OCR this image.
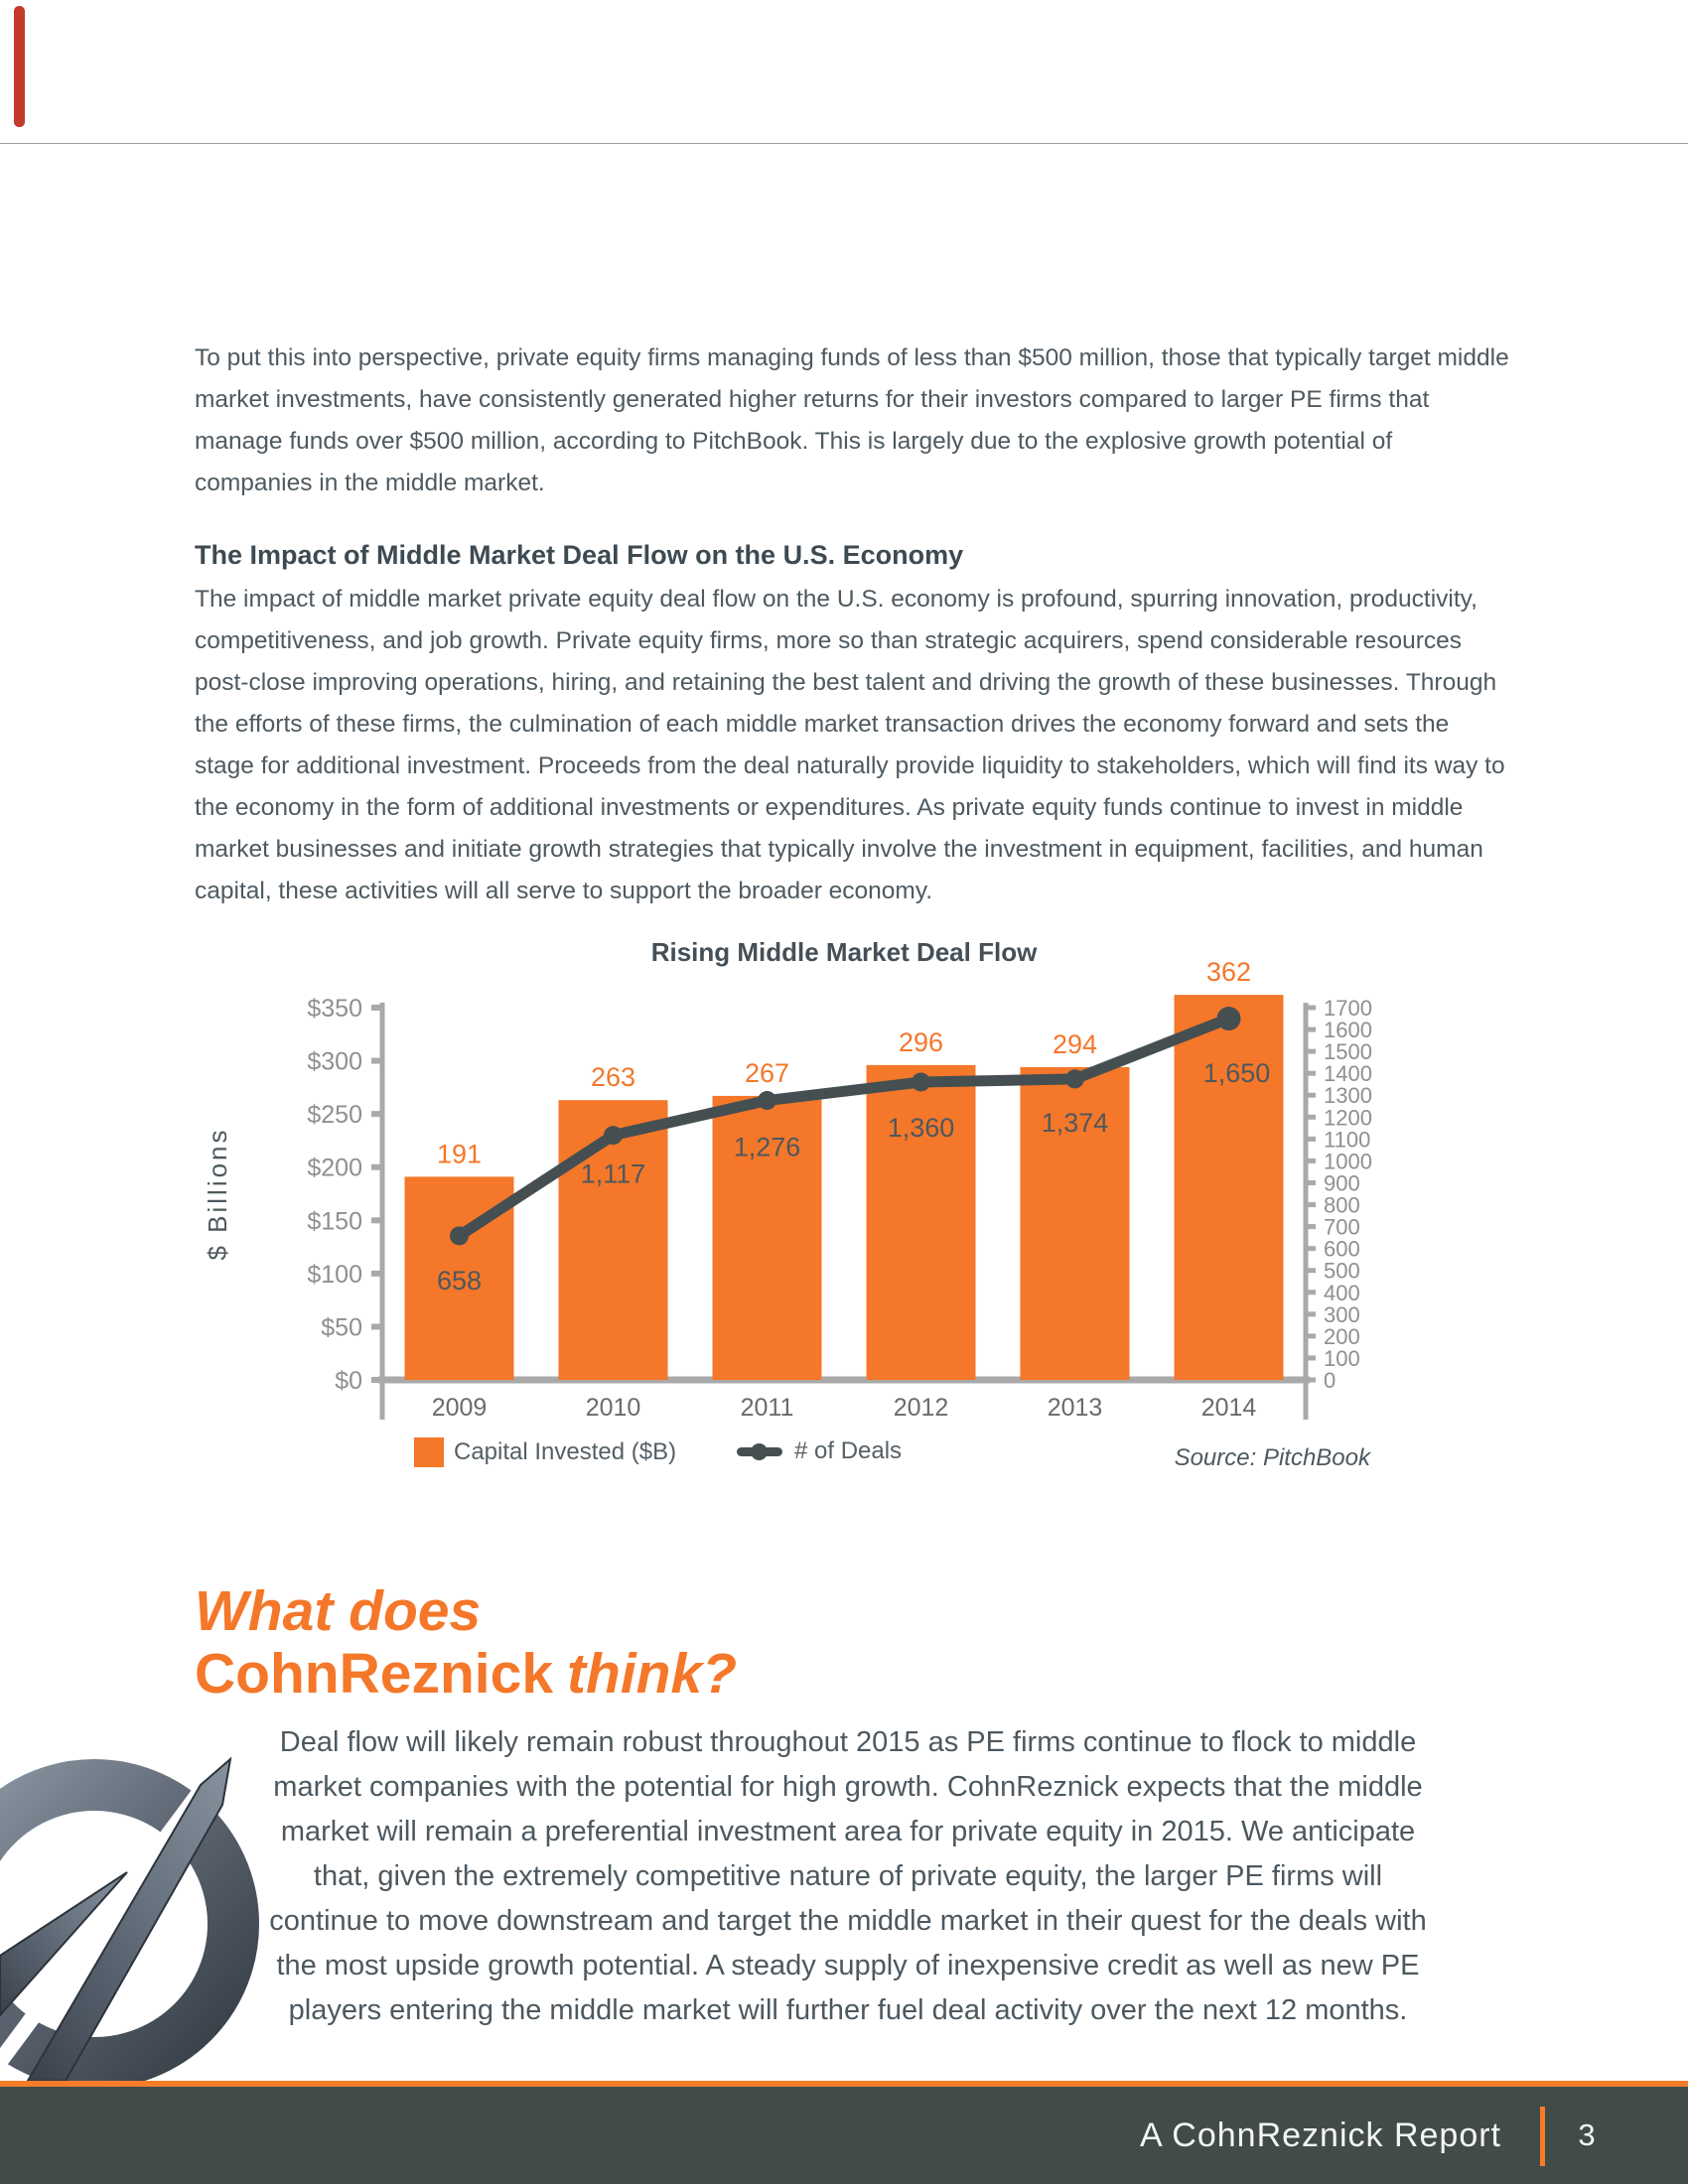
To put this into perspective, private equity firms managing funds of less than $500 million, those that typically target middle market investments, have consistently generated higher returns for their investors compared to larger PE firms that manage funds over $500 million, according to PitchBook. This is largely due to the explosive growth potential of companies in the middle market.
The Impact of Middle Market Deal Flow on the U.S. Economy
The impact of middle market private equity deal flow on the U.S. economy is profound, spurring innovation, productivity, competitiveness, and job growth. Private equity firms, more so than strategic acquirers, spend considerable resources post-close improving operations, hiring, and retaining the best talent and driving the growth of these businesses. Through the efforts of these firms, the culmination of each middle market transaction drives the economy forward and sets the stage for additional investment. Proceeds from the deal naturally provide liquidity to stakeholders, which will find its way to the economy in the form of additional investments or expenditures. As private equity funds continue to invest in middle market businesses and initiate growth strategies that typically involve the investment in equipment, facilities, and human capital, these activities will all serve to support the broader economy.
Rising Middle Market Deal Flow
$350
$300
$250
$200
$150
$100
$50
$0
1700
1600
1500
1400
1300
1200
1100
1000
900
800
700
600
500
400
300
200
100
0
191
263	267
296	294
362
658
1,117
1,276
1,360	1,374
1,650
2009	2010	2011	2012	2013	2014
$ Billions
Capital Invested ($B)	# of Deals	Source: PitchBook
What does
CohnReznick think?
Deal flow will likely remain robust throughout 2015 as PE firms continue to flock to middle market companies with the potential for high growth. CohnReznick expects that the middle market will remain a preferential investment area for private equity in 2015. We anticipate that, given the extremely competitive nature of private equity, the larger PE firms will continue to move downstream and target the middle market in their quest for the deals with the most upside growth potential. A steady supply of inexpensive credit as well as new PE players entering the middle market will further fuel deal activity over the next 12 months.
A CohnReznick Report	3
